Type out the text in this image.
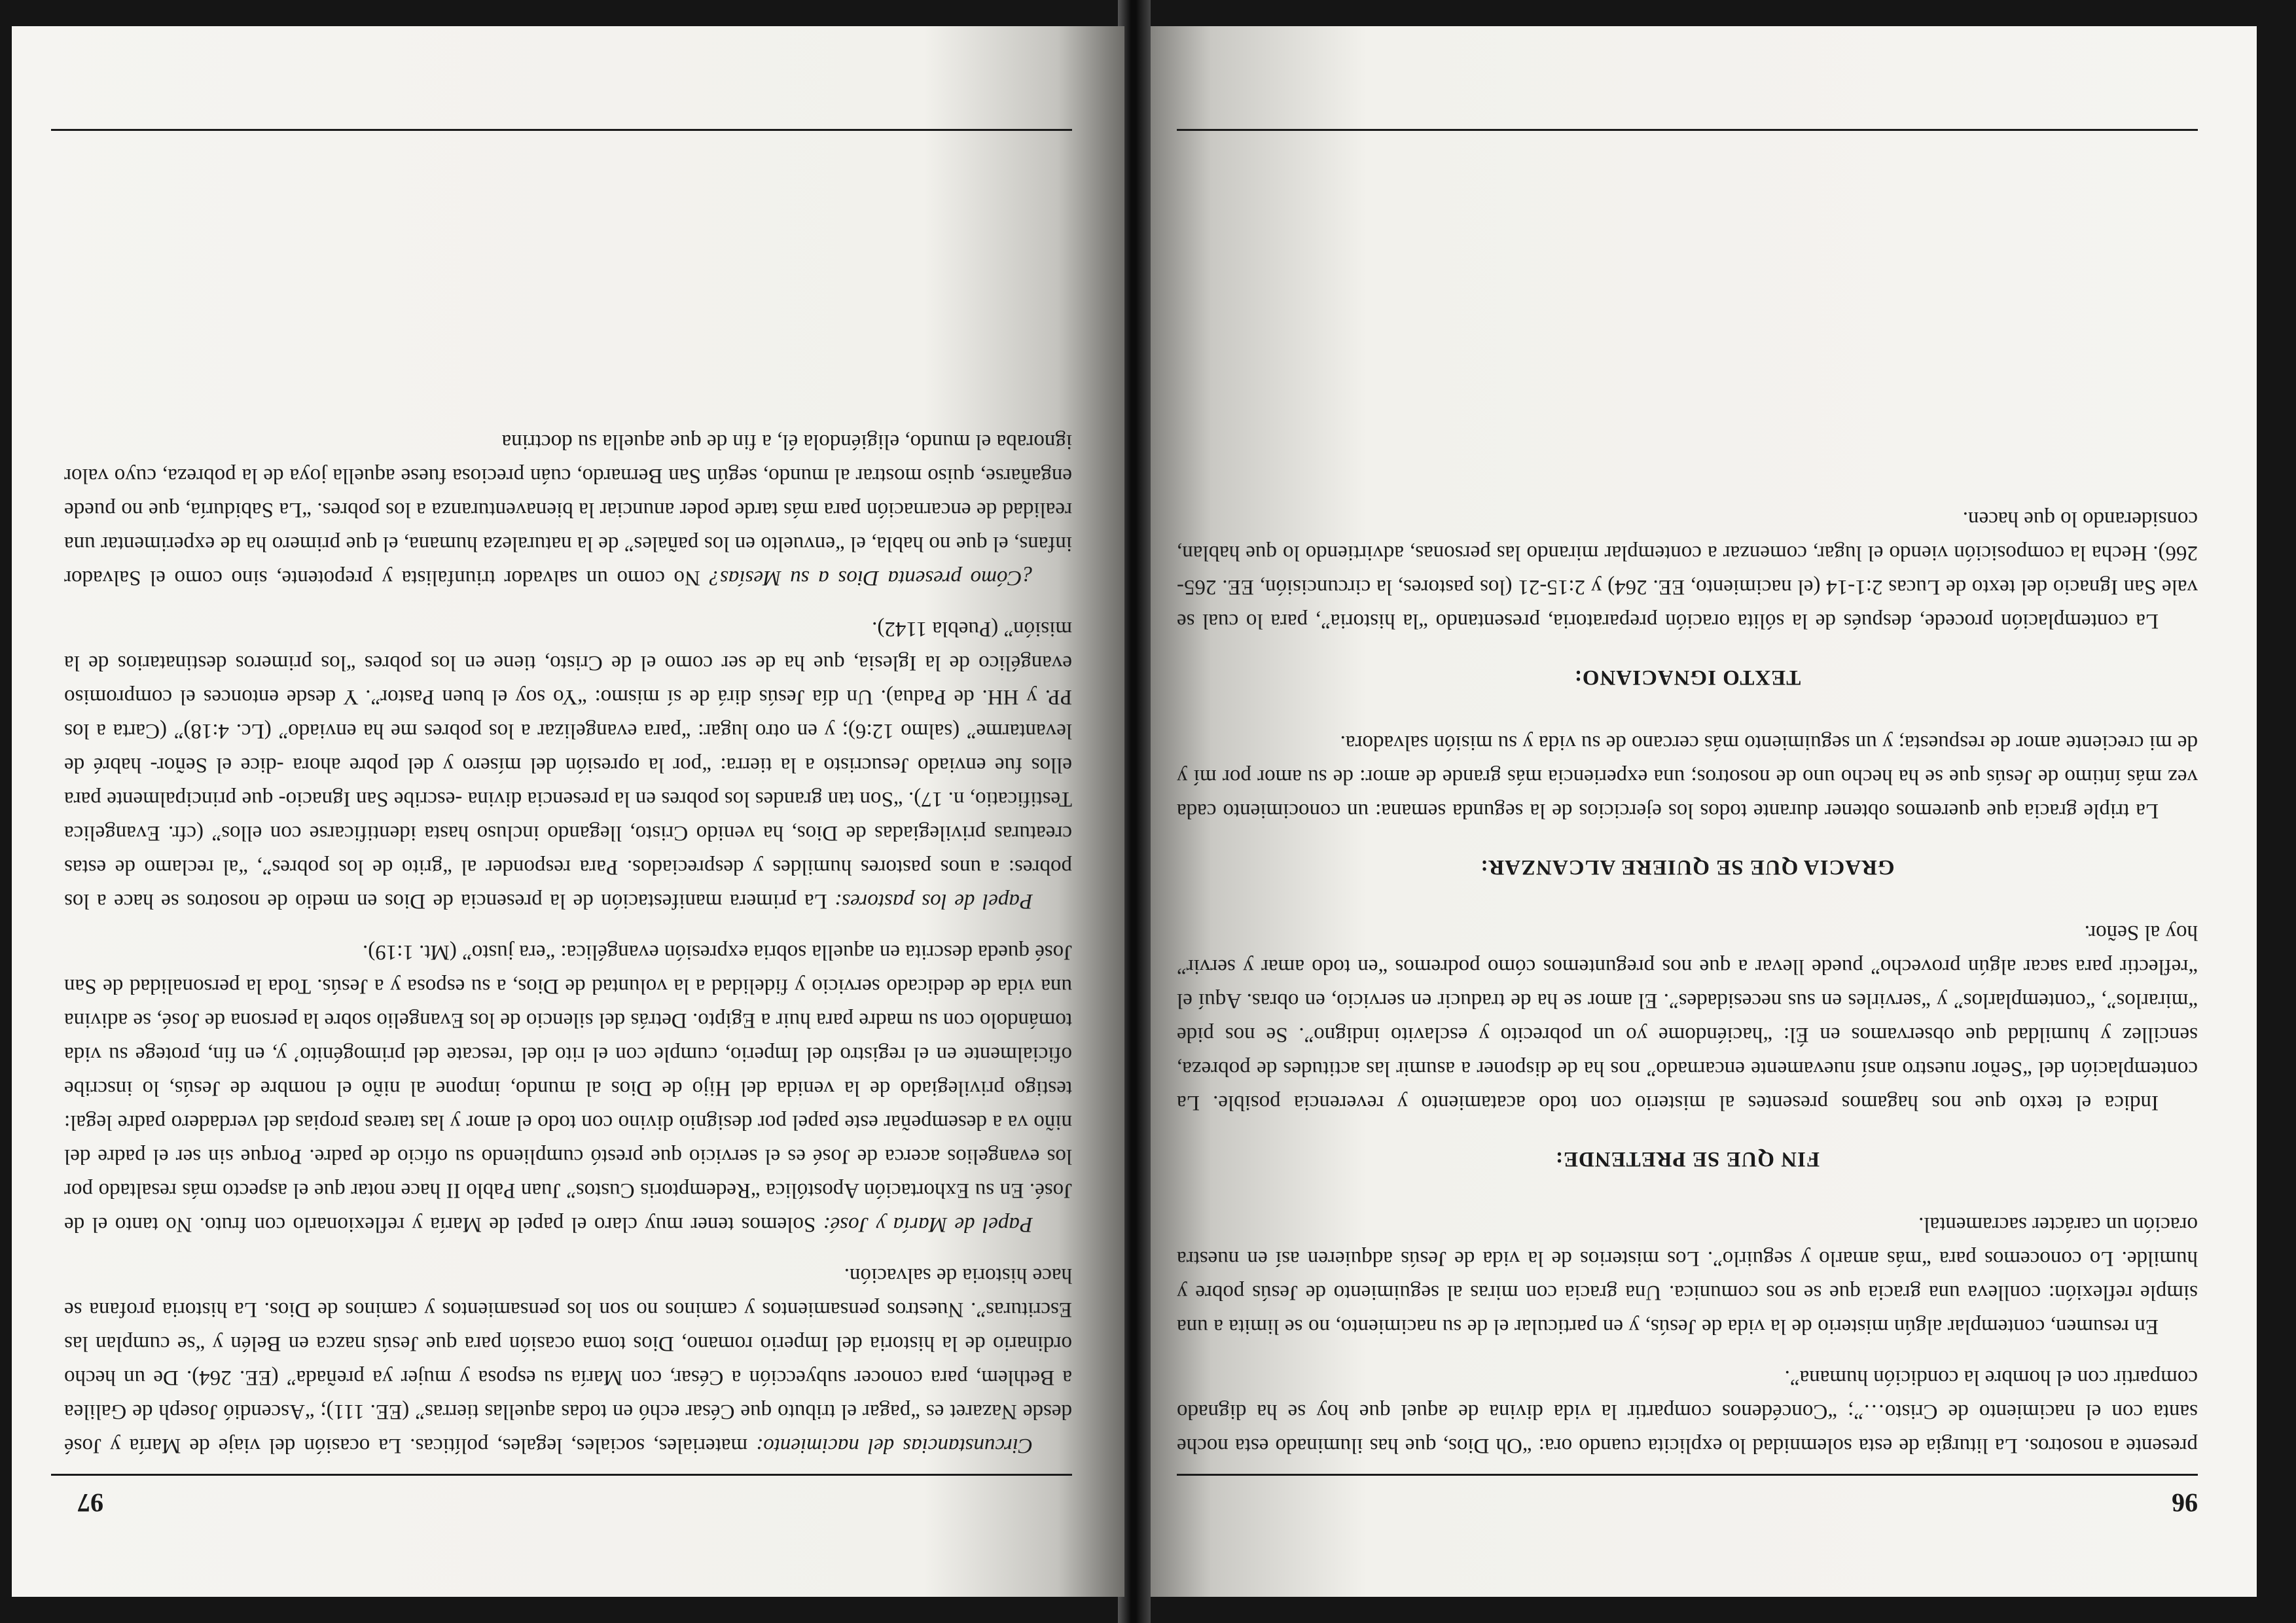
96

presente a nosotros. La liturgia de esta solemnidad lo explicita cuando ora: “Oh Dios, que has iluminado esta noche santa con el nacimiento de Cristo…”; “Concédenos compartir la vida divina de aquel que hoy se ha dignado compartir con el hombre la condición humana”.

En resumen, contemplar algún misterio de la vida de Jesús, y en particular el de su nacimiento, no se limita a una simple reflexión: conlleva una gracia que se nos comunica. Una gracia con miras al seguimiento de Jesús pobre y humilde. Lo conocemos para “más amarlo y seguirlo”. Los misterios de la vida de Jesús adquieren así en nuestra oración un carácter sacramental.

FIN QUE SE PRETENDE:

Indica el texto que nos hagamos presentes al misterio con todo acatamiento y reverencia posible. La contemplación del “Señor nuestro ansí nuevamente encarnado” nos ha de disponer a asumir las actitudes de pobreza, sencillez y humildad que observamos en Él: “haciéndome yo un pobrecito y esclavito indigno”. Se nos pide “mirarlos”, “contemplarlos” y “servirles en sus necesidades”. El amor se ha de traducir en servicio, en obras. Aquí el “reflectir para sacar algún provecho” puede llevar a que nos preguntemos cómo podremos “en todo amar y servir” hoy al Señor.

GRACIA QUE SE QUIERE ALCANZAR:

La triple gracia que queremos obtener durante todos los ejercicios de la segunda semana: un conocimiento cada vez más íntimo de Jesús que se ha hecho uno de nosotros; una experiencia más grande de amor: de su amor por mí y de mi creciente amor de respuesta; y un seguimiento más cercano de su vida y su misión salvadora.

TEXTO IGNACIANO:

La contemplación procede, después de la sólita oración preparatoria, presentando “la historia”, para lo cual se vale San Ignacio del texto de Lucas 2:1-14 (el nacimiento, EE. 264) y 2:15-21 (los pastores, la circuncisión, EE. 265-266). Hecha la composición viendo el lugar, comenzar a contemplar mirando las personas, advirtiendo lo que hablan, considerando lo que hacen.

97

Circunstancias del nacimiento: materiales, sociales, legales, políticas. La ocasión del viaje de María y José desde Nazaret es “pagar el tributo que César echó en todas aquellas tierras” (EE. 111); “Ascendió Joseph de Galilea a Bethlem, para conocer subyección a César, con María su esposa y mujer ya preñada” (EE. 264). De un hecho ordinario de la historia del Imperio romano, Dios toma ocasión para que Jesús nazca en Belén y “se cumplan las Escrituras”. Nuestros pensamientos y caminos no son los pensamientos y caminos de Dios. La historia profana se hace historia de salvación.

Papel de María y José: Solemos tener muy claro el papel de María y reflexionarlo con fruto. No tanto el de José. En su Exhortación Apostólica “Redemptoris Custos” Juan Pablo II hace notar que el aspecto más resaltado por los evangelios acerca de José es el servicio que prestó cumpliendo su oficio de padre. Porque sin ser el padre del niño va a desempeñar este papel por designio divino con todo el amor y las tareas propias del verdadero padre legal: testigo privilegiado de la venida del Hijo de Dios al mundo, impone al niño el nombre de Jesús, lo inscribe oficialmente en el registro del Imperio, cumple con el rito del ‘rescate del primogénito’ y, en fin, protege su vida tomándolo con su madre para huir a Egipto. Detrás del silencio de los Evangelio sobre la persona de José, se adivina una vida de dedicado servicio y fidelidad a la voluntad de Dios, a su esposa y a Jesús. Toda la personalidad de San José queda descrita en aquella sobria expresión evangélica: “era justo” (Mt. 1:19).

Papel de los pastores: La primera manifestación de la presencia de Dios en medio de nosotros se hace a los pobres: a unos pastores humildes y despreciados. Para responder al “grito de los pobres”, “al reclamo de estas creaturas privilegiadas de Dios, ha venido Cristo, llegando incluso hasta identificarse con ellos” (cfr. Evangelica Testificatio, n. 17). “Son tan grandes los pobres en la presencia divina -escribe San Ignacio- que principalmente para ellos fue enviado Jesucristo a la tierra: “por la opresión del mísero y del pobre ahora -dice el Señor- habré de levantarme” (salmo 12:6); y en otro lugar: “para evangelizar a los pobres me ha enviado” (Lc. 4:18)” (Carta a los PP. y HH. de Padua). Un día Jesús dirá de sí mismo: “Yo soy el buen Pastor”. Y desde entonces el compromiso evangélico de la Iglesia, que ha de ser como el de Cristo, tiene en los pobres “los primeros destinatarios de la misión” (Puebla 1142).

¿Cómo presenta Dios a su Mesías? No como un salvador triunfalista y prepotente, sino como el Salvador infans, el que no habla, el “envuelto en los pañales” de la naturaleza humana, el que primero ha de experimentar una realidad de encarnación para más tarde poder anunciar la bienaventuranza a los pobres. “La Sabiduría, que no puede engañarse, quiso mostrar al mundo, según San Bernardo, cuán preciosa fuese aquella joya de la pobreza, cuyo valor ignoraba el mundo, eligiéndola él, a fin de que aquella su doctrina
